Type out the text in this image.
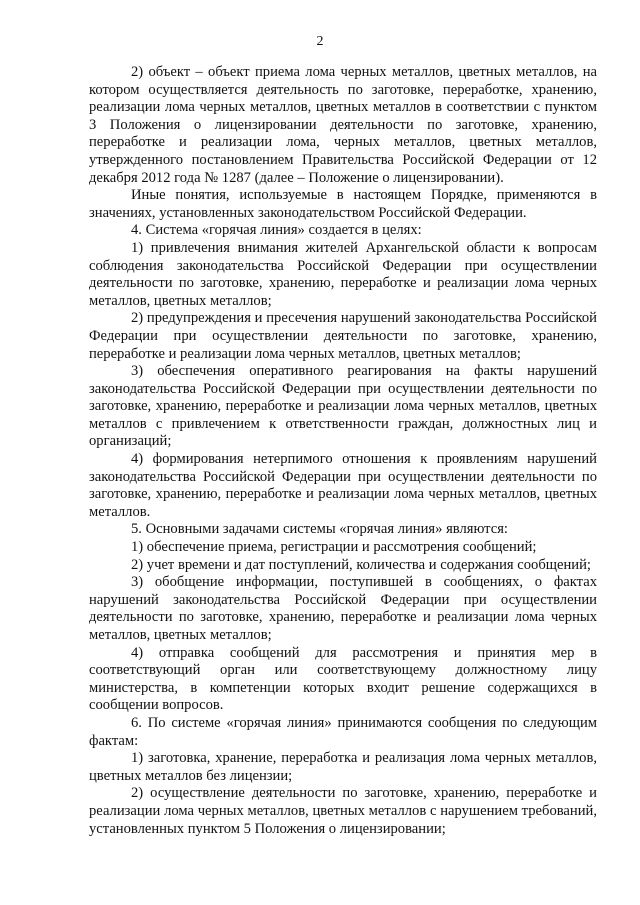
2

2) объект – объект приема лома черных металлов, цветных металлов, на котором осуществляется деятельность по заготовке, переработке, хранению, реализации лома черных металлов, цветных металлов в соответствии с пунктом 3 Положения о лицензировании деятельности по заготовке, хранению, переработке и реализации лома, черных металлов, цветных металлов, утвержденного постановлением Правительства Российской Федерации от 12 декабря 2012 года № 1287 (далее – Положение о лицензировании).

Иные понятия, используемые в настоящем Порядке, применяются в значениях, установленных законодательством Российской Федерации.

4. Система «горячая линия» создается в целях:

1) привлечения внимания жителей Архангельской области к вопросам соблюдения законодательства Российской Федерации при осуществлении деятельности по заготовке, хранению, переработке и реализации лома черных металлов, цветных металлов;

2) предупреждения и пресечения нарушений законодательства Российской Федерации при осуществлении деятельности по заготовке, хранению, переработке и реализации лома черных металлов, цветных металлов;

3) обеспечения оперативного реагирования на факты нарушений законодательства Российской Федерации при осуществлении деятельности по заготовке, хранению, переработке и реализации лома черных металлов, цветных металлов с привлечением к ответственности граждан, должностных лиц и организаций;

4) формирования нетерпимого отношения к проявлениям нарушений законодательства Российской Федерации при осуществлении деятельности по заготовке, хранению, переработке и реализации лома черных металлов, цветных металлов.

5. Основными задачами системы «горячая линия» являются:

1) обеспечение приема, регистрации и рассмотрения сообщений;

2) учет времени и дат поступлений, количества и содержания сообщений;

3) обобщение информации, поступившей в сообщениях, о фактах нарушений законодательства Российской Федерации при осуществлении деятельности по заготовке, хранению, переработке и реализации лома черных металлов, цветных металлов;

4) отправка сообщений для рассмотрения и принятия мер в соответствующий орган или соответствующему должностному лицу министерства, в компетенции которых входит решение содержащихся в сообщении вопросов.

6. По системе «горячая линия» принимаются сообщения по следующим фактам:

1) заготовка, хранение, переработка и реализация лома черных металлов, цветных металлов без лицензии;

2) осуществление деятельности по заготовке, хранению, переработке и реализации лома черных металлов, цветных металлов с нарушением требований, установленных пунктом 5 Положения о лицензировании;
